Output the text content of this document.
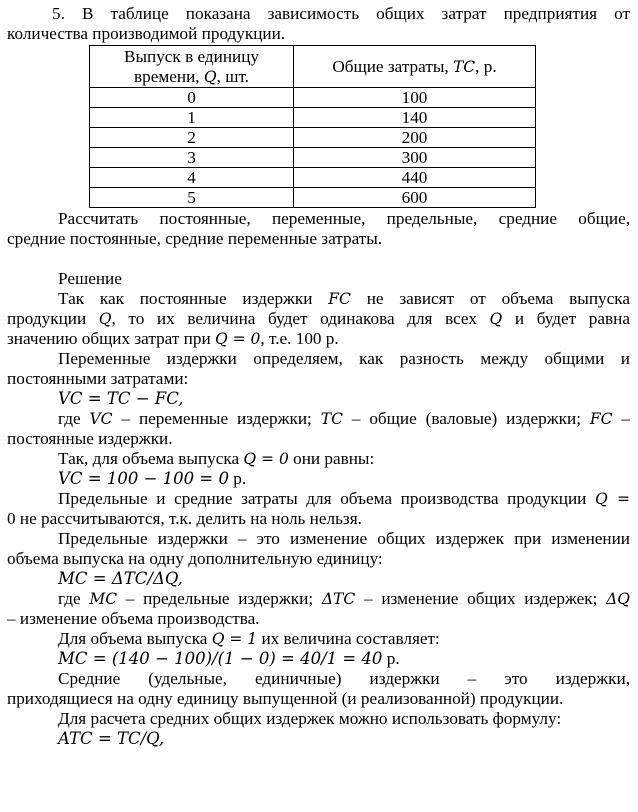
5. В таблице показана зависимость общих затрат предприятия от
количества производимой продукции.
Выпуск в единицу
времени, Q, шт.	Общие затраты, TC, р.
0	100
1	140
2	200
3	300
4	440
5	600
Рассчитать постоянные, переменные, предельные, средние общие,
средние постоянные, средние переменные затраты.
Решение
Так как постоянные издержки FC не зависят от объема выпуска
продукции Q, то их величина будет одинакова для всех Q и будет равна
значению общих затрат при Q = 0, т.е. 100 р.
Переменные издержки определяем, как разность между общими и
постоянными затратами:
VC = TC − FC,
где VC – переменные издержки; TC – общие (валовые) издержки; FC –
постоянные издержки.
Так, для объема выпуска Q = 0 они равны:
VC = 100 − 100 = 0 р.
Предельные и средние затраты для объема производства продукции Q =
0 не рассчитываются, т.к. делить на ноль нельзя.
Предельные издержки – это изменение общих издержек при изменении
объема выпуска на одну дополнительную единицу:
MC = ΔTC/ΔQ,
где MC – предельные издержки; ΔTC – изменение общих издержек; ΔQ
– изменение объема производства.
Для объема выпуска Q = 1 их величина составляет:
MC = (140 − 100)/(1 − 0) = 40/1 = 40 р.
Средние (удельные, единичные) издержки – это издержки,
приходящиеся на одну единицу выпущенной (и реализованной) продукции.
Для расчета средних общих издержек можно использовать формулу:
ATC = TC/Q,
